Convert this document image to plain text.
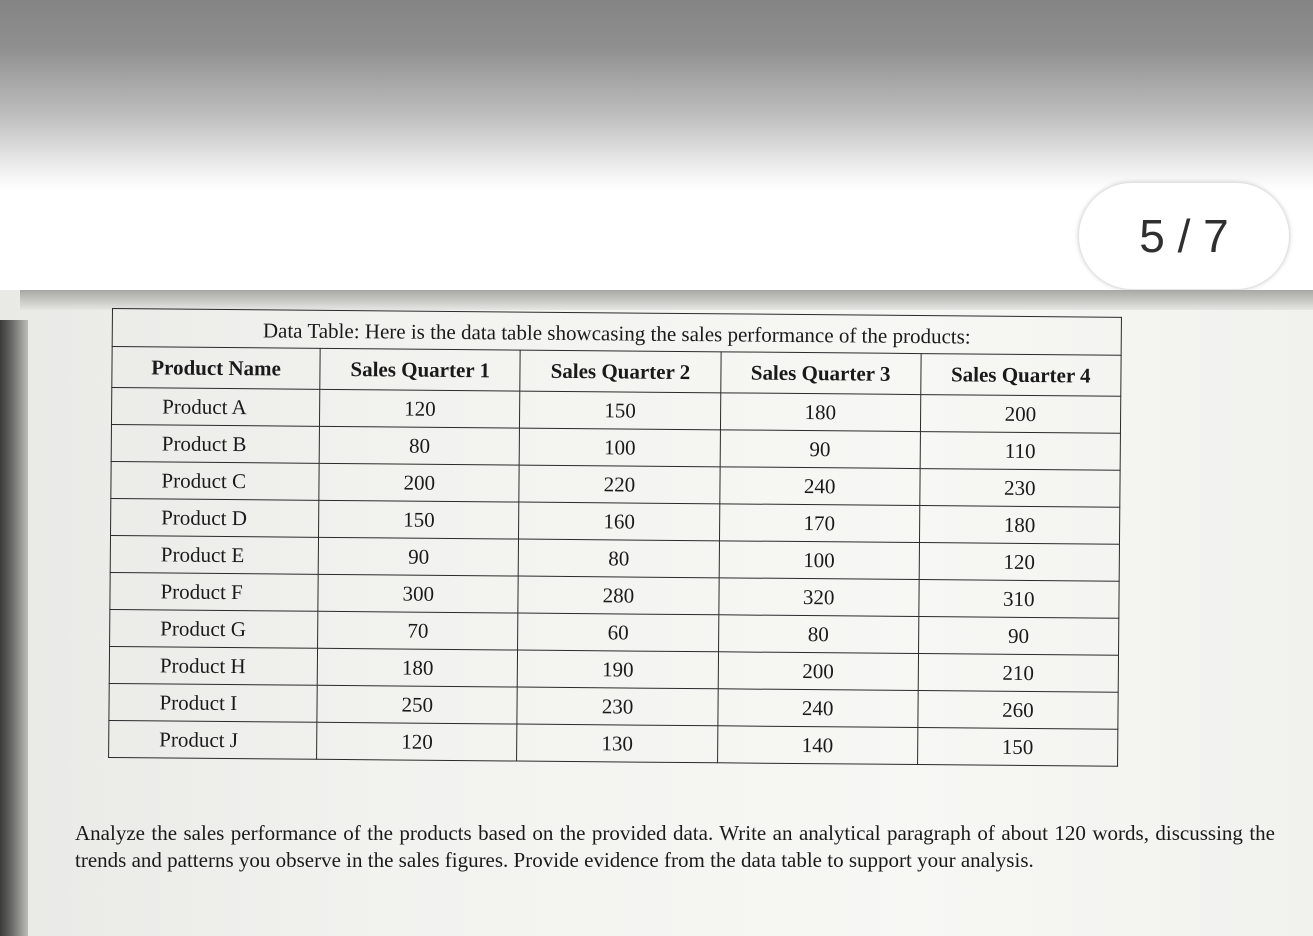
5 / 7
Data Table: Here is the data table showcasing the sales performance of the products:
Product Name	Sales Quarter 1	Sales Quarter 2	Sales Quarter 3	Sales Quarter 4
Product A	120	150	180	200
Product B	80	100	90	110
Product C	200	220	240	230
Product D	150	160	170	180
Product E	90	80	100	120
Product F	300	280	320	310
Product G	70	60	80	90
Product H	180	190	200	210
Product I	250	230	240	260
Product J	120	130	140	150
Analyze the sales performance of the products based on the provided data. Write an analytical paragraph of about 120 words, discussing the trends and patterns you observe in the sales figures. Provide evidence from the data table to support your analysis.
